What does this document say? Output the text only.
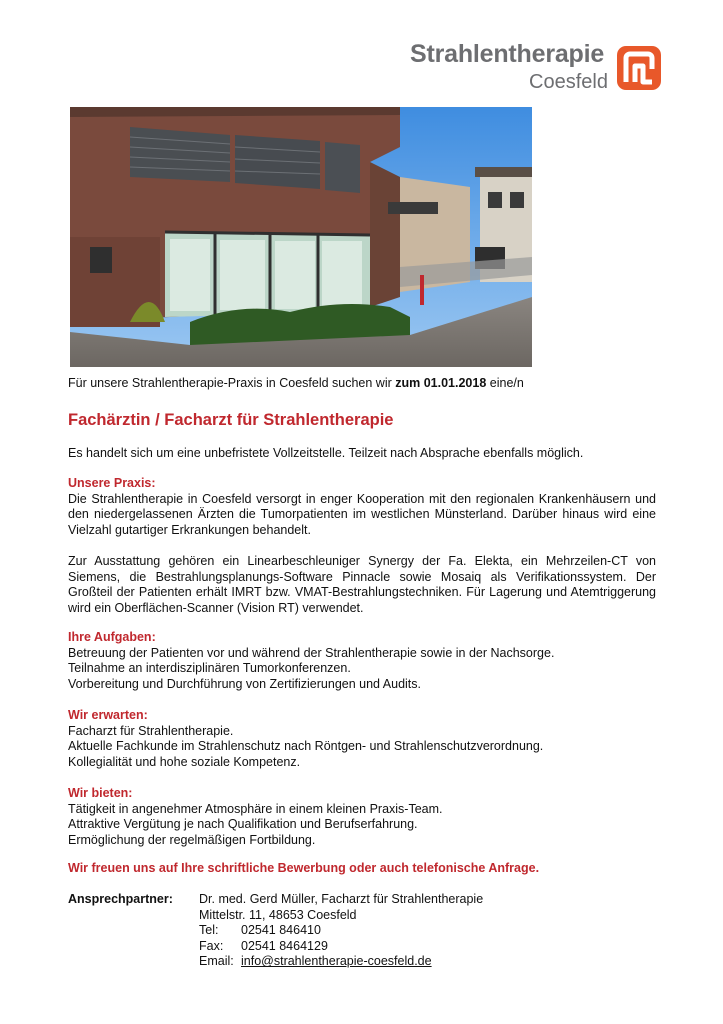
Strahlentherapie
Coesfeld
Für unsere Strahlentherapie-Praxis in Coesfeld suchen wir zum 01.01.2018 eine/n
Fachärztin / Facharzt für Strahlentherapie

Es handelt sich um eine unbefristete Vollzeitstelle. Teilzeit nach Absprache ebenfalls möglich.

Unsere Praxis:

Die Strahlentherapie in Coesfeld versorgt in enger Kooperation mit den regionalen Krankenhäusern und den niedergelassenen Ärzten die Tumorpatienten im westlichen Münsterland. Darüber hinaus wird eine Vielzahl gutartiger Erkrankungen behandelt.

Zur Ausstattung gehören ein Linearbeschleuniger Synergy der Fa. Elekta, ein Mehrzeilen-CT von Siemens, die Bestrahlungsplanungs-Software Pinnacle sowie Mosaiq als Verifikationssystem. Der Großteil der Patienten erhält IMRT bzw. VMAT-Bestrahlungstechniken. Für Lagerung und Atemtriggerung wird ein Oberflächen-Scanner (Vision RT) verwendet.

Ihre Aufgaben:

Betreuung der Patienten vor und während der Strahlentherapie sowie in der Nachsorge.

Teilnahme an interdisziplinären Tumorkonferenzen.

Vorbereitung und Durchführung von Zertifizierungen und Audits.

Wir erwarten:

Facharzt für Strahlentherapie.

Aktuelle Fachkunde im Strahlenschutz nach Röntgen- und Strahlenschutzverordnung.

Kollegialität und hohe soziale Kompetenz.

Wir bieten:

Tätigkeit in angenehmer Atmosphäre in einem kleinen Praxis-Team.

Attraktive Vergütung je nach Qualifikation und Berufserfahrung.

Ermöglichung der regelmäßigen Fortbildung.

Wir freuen uns auf Ihre schriftliche Bewerbung oder auch telefonische Anfrage.

Ansprechpartner: Dr. med. Gerd Müller, Facharzt für Strahlentherapie
Mittelstr. 11, 48653 Coesfeld
Tel:	02541 846410
Fax:	02541 8464129
Email: info@strahlentherapie-coesfeld.de
